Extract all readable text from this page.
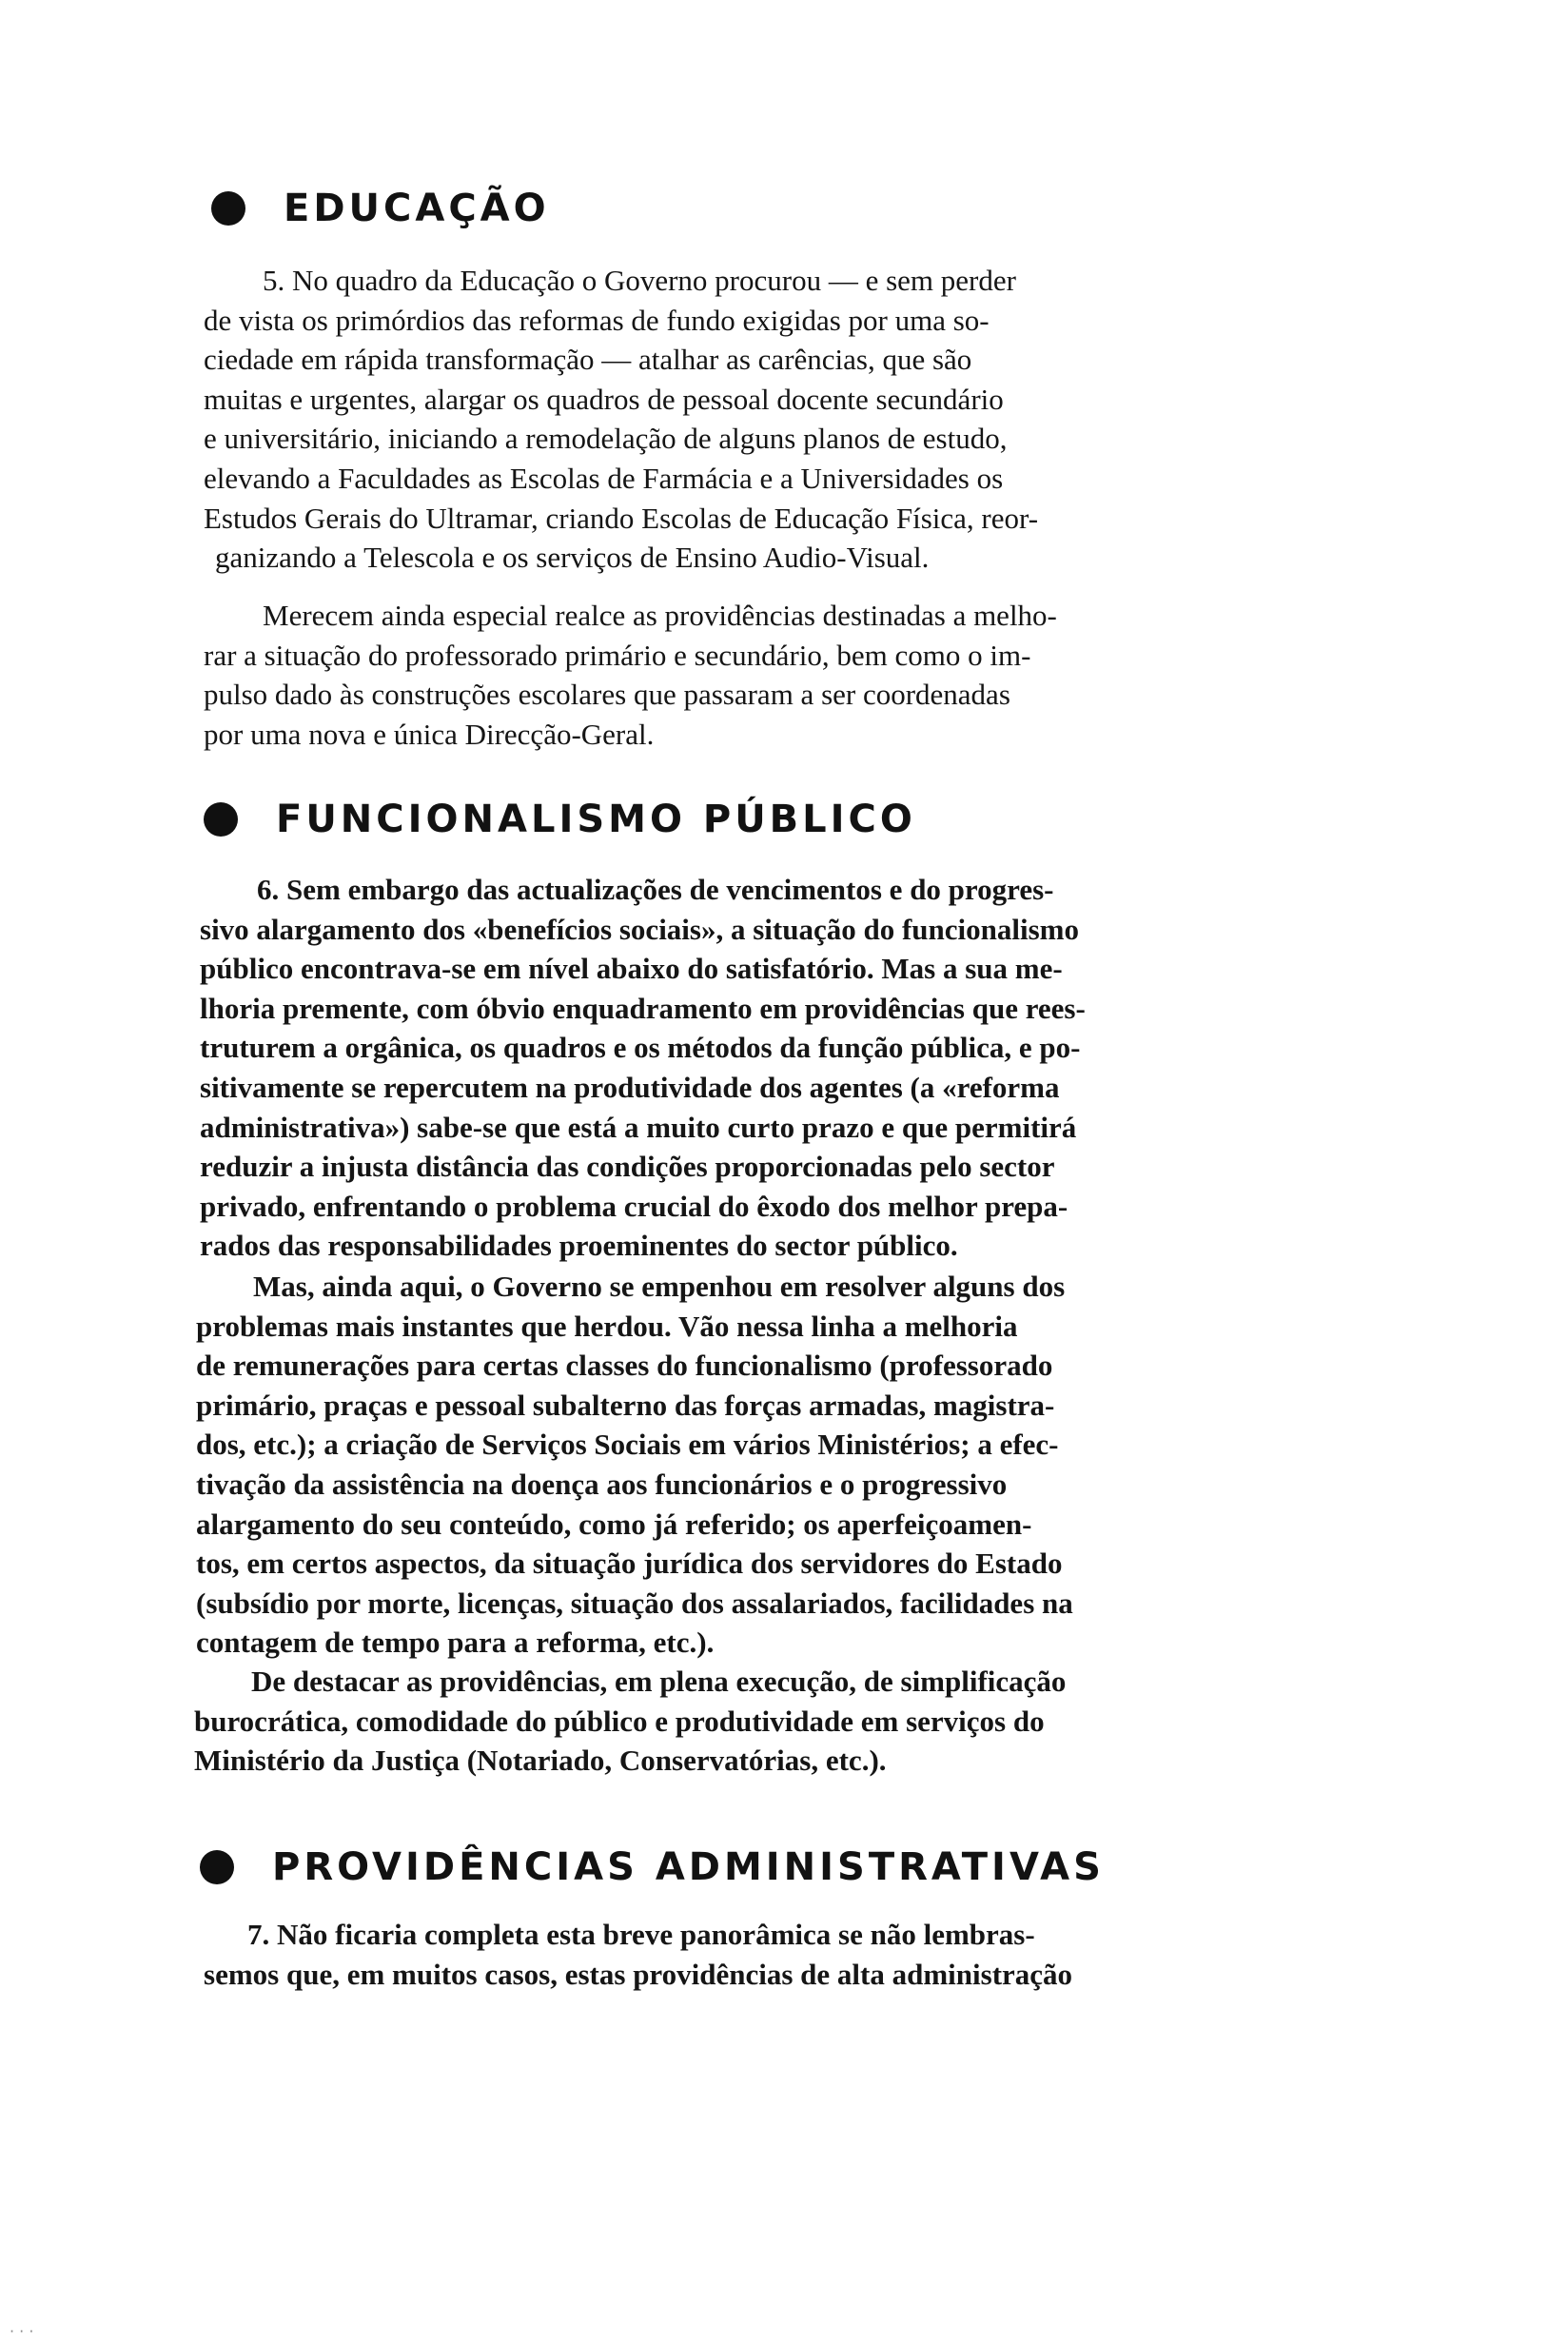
EDUCAÇÃO
5. No quadro da Educação o Governo procurou — e sem perder
de vista os primórdios das reformas de fundo exigidas por uma so-
ciedade em rápida transformação — atalhar as carências, que são
muitas e urgentes, alargar os quadros de pessoal docente secundário
e universitário, iniciando a remodelação de alguns planos de estudo,
elevando a Faculdades as Escolas de Farmácia e a Universidades os
Estudos Gerais do Ultramar, criando Escolas de Educação Física, reor-
ganizando a Telescola e os serviços de Ensino Audio-Visual.
Merecem ainda especial realce as providências destinadas a melho-
rar a situação do professorado primário e secundário, bem como o im-
pulso dado às construções escolares que passaram a ser coordenadas
por uma nova e única Direcção-Geral.
FUNCIONALISMO PÚBLICO
6. Sem embargo das actualizações de vencimentos e do progres-
sivo alargamento dos «benefícios sociais», a situação do funcionalismo
público encontrava-se em nível abaixo do satisfatório. Mas a sua me-
lhoria premente, com óbvio enquadramento em providências que rees-
truturem a orgânica, os quadros e os métodos da função pública, e po-
sitivamente se repercutem na produtividade dos agentes (a «reforma
administrativa») sabe-se que está a muito curto prazo e que permitirá
reduzir a injusta distância das condições proporcionadas pelo sector
privado, enfrentando o problema crucial do êxodo dos melhor prepa-
rados das responsabilidades proeminentes do sector público.
Mas, ainda aqui, o Governo se empenhou em resolver alguns dos
problemas mais instantes que herdou. Vão nessa linha a melhoria
de remunerações para certas classes do funcionalismo (professorado
primário, praças e pessoal subalterno das forças armadas, magistra-
dos, etc.); a criação de Serviços Sociais em vários Ministérios; a efec-
tivação da assistência na doença aos funcionários e o progressivo
alargamento do seu conteúdo, como já referido; os aperfeiçoamen-
tos, em certos aspectos, da situação jurídica dos servidores do Estado
(subsídio por morte, licenças, situação dos assalariados, facilidades na
contagem de tempo para a reforma, etc.).
De destacar as providências, em plena execução, de simplificação
burocrática, comodidade do público e produtividade em serviços do
Ministério da Justiça (Notariado, Conservatórias, etc.).
PROVIDÊNCIAS ADMINISTRATIVAS
7. Não ficaria completa esta breve panorâmica se não lembras-
semos que, em muitos casos, estas providências de alta administração
· · ·
